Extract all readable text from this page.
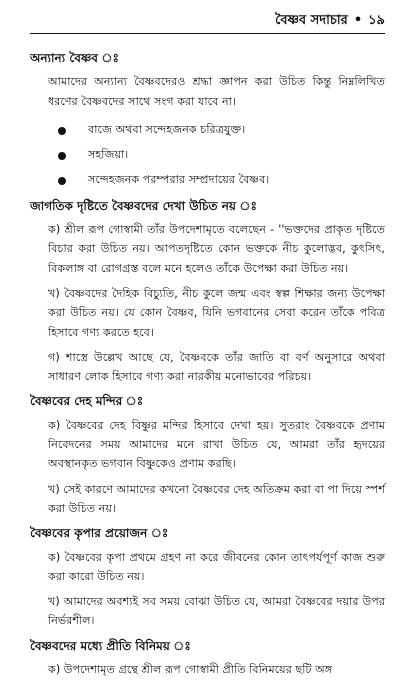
বৈষ্ণব সদাচার • ১৯
অন্যান্য বৈষ্ণব ঃ
আমাদের অন্যান্য বৈষ্ণবদেরও শ্রদ্ধা জ্ঞাপন করা উচিত কিন্তু নিম্নলিখিত ধরণের বৈষ্ণবদের সাথে সংগ করা যাবে না।
বাজে অথবা সন্দেহজনক চরিত্রযুক্ত।
সহজিয়া।
সন্দেহজনক পরম্পরার সম্প্রদায়ের বৈষ্ণব।
জাগতিক দৃষ্টিতে বৈষ্ণবদের দেখা উচিত নয় ঃ
ক) শ্রীল রূপ গোস্বামী তাঁর উপদেশামৃতে বলেছেন - ''ভক্তদের প্রাকৃত দৃষ্টিতে বিচার করা উচিত নয়। আপতদৃষ্টিতে কোন ভক্তকে নীচ কুলোদ্ভব, কুৎসিৎ, বিকলাঙ্গ বা রোগগ্রস্ত বলে মনে হলেও তাঁকে উপেক্ষা করা উচিত নয়।
খ) বৈষ্ণবদের দৈহিক বিচ্যুতি, নীচ কুলে জন্ম এবং স্বল্প শিক্ষার জন্য উপেক্ষা করা উচিত নয়। যে কোন বৈষ্ণব, যিনি ভগবানের সেবা করেন তাঁকে পবিত্র হিসাবে গণ্য করতে হবে।
গ) শাস্ত্রে উল্লেখ আছে যে, বৈষ্ণবকে তাঁর জাতি বা বর্ণ অনুসারে অথবা সাধারণ লোক হিসাবে গণ্য করা নারকীয় মনোভাবের পরিচয়।
বৈষ্ণবের দেহ মন্দির ঃ
ক) বৈষ্ণবের দেহ বিষ্ণুর মন্দির হিসাবে দেখা হয়। সুতরাং বৈষ্ণবকে প্রণাম নিবেদনের সময় আমাদের মনে রাখা উচিত যে, আমরা তাঁর হৃদয়ের অবস্থানকৃত ভগবান বিষ্ণুকেও প্রণাম করছি।
খ) সেই কারণে আমাদের কখনো বৈষ্ণবের দেহ অতিক্রম করা বা পা দিয়ে স্পর্শ করা উচিত নয়।
বৈষ্ণবের কৃপার প্রয়োজন ঃ
ক) বৈষ্ণবের কৃপা প্রথমে গ্রহণ না করে জীবনের কোন তাৎপর্যপূর্ণ কাজ শুরু করা কারো উচিত নয়।
খ) আমাদের অবশ্যই সব সময় বোঝা উচিত যে, আমরা বৈষ্ণবের দয়ার উপর নির্ভরশীল।
বৈষ্ণবদের মধ্যে প্রীতি বিনিময় ঃ
ক) উপদেশামৃত গ্রন্থে শ্রীল রূপ গোস্বামী প্রীতি বিনিময়ের ছটি অঙ্গ
